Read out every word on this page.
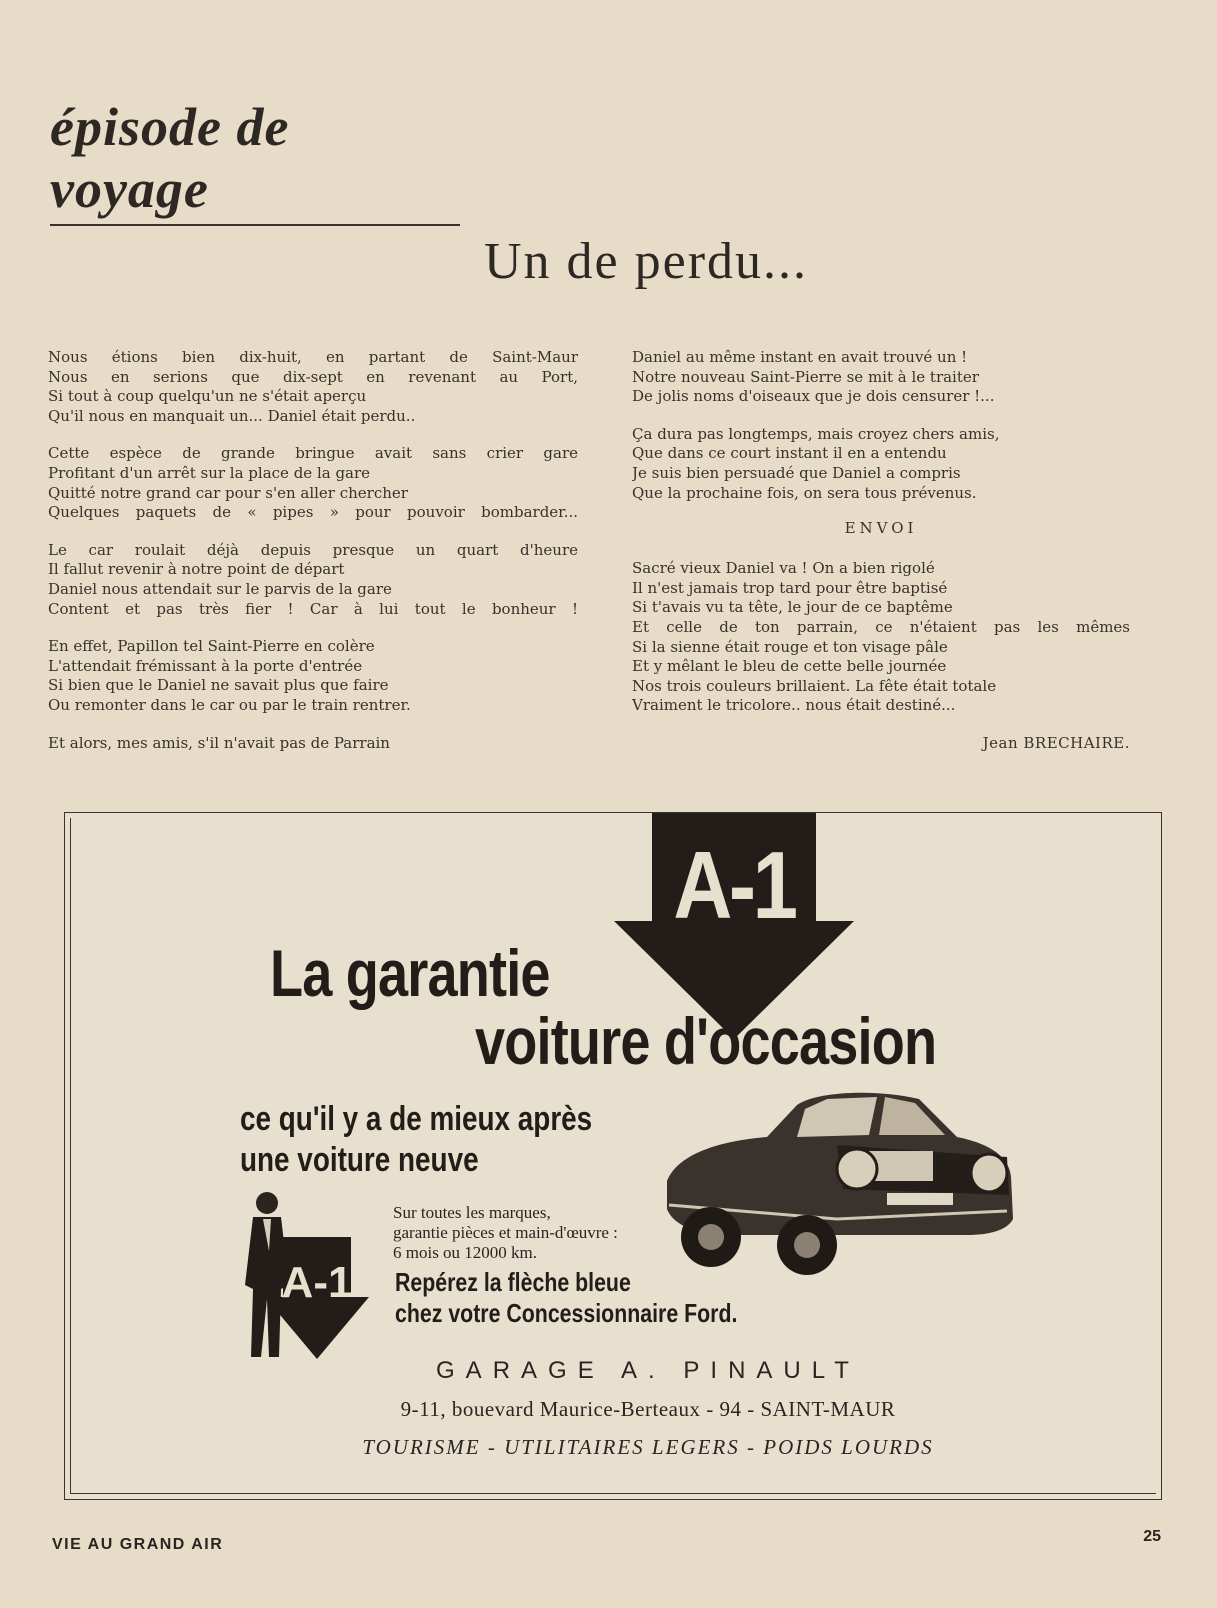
épisode de voyage
Un de perdu...
Nous étions bien dix-huit, en partant de Saint-Maur
Nous en serions que dix-sept en revenant au Port,
Si tout à coup quelqu'un ne s'était aperçu
Qu'il nous en manquait un... Daniel était perdu..
Cette espèce de grande bringue avait sans crier gare
Profitant d'un arrêt sur la place de la gare
Quitté notre grand car pour s'en aller chercher
Quelques paquets de « pipes » pour pouvoir bombarder...
Le car roulait déjà depuis presque un quart d'heure
Il fallut revenir à notre point de départ
Daniel nous attendait sur le parvis de la gare
Content et pas très fier ! Car à lui tout le bonheur !
En effet, Papillon tel Saint-Pierre en colère
L'attendait frémissant à la porte d'entrée
Si bien que le Daniel ne savait plus que faire
Ou remonter dans le car ou par le train rentrer.
Et alors, mes amis, s'il n'avait pas de Parrain
Daniel au même instant en avait trouvé un !
Notre nouveau Saint-Pierre se mit à le traiter
De jolis noms d'oiseaux que je dois censurer !...
Ça dura pas longtemps, mais croyez chers amis,
Que dans ce court instant il en a entendu
Je suis bien persuadé que Daniel a compris
Que la prochaine fois, on sera tous prévenus.
ENVOI
Sacré vieux Daniel va ! On a bien rigolé
Il n'est jamais trop tard pour être baptisé
Si t'avais vu ta tête, le jour de ce baptême
Et celle de ton parrain, ce n'étaient pas les mêmes
Si la sienne était rouge et ton visage pâle
Et y mêlant le bleu de cette belle journée
Nos trois couleurs brillaient. La fête était totale
Vraiment le tricolore.. nous était destiné...
Jean BRECHAIRE.
A-1
La garantie
voiture d'occasion
ce qu'il y a de mieux après
une voiture neuve
A-1
Sur toutes les marques,
garantie pièces et main-d'œuvre :
6 mois ou 12000 km.
Repérez la flèche bleue
chez votre Concessionnaire Ford.
GARAGE A. PINAULT
9-11, bouevard Maurice-Berteaux - 94 - SAINT-MAUR
TOURISME - UTILITAIRES LEGERS - POIDS LOURDS
VIE AU GRAND AIR	25
